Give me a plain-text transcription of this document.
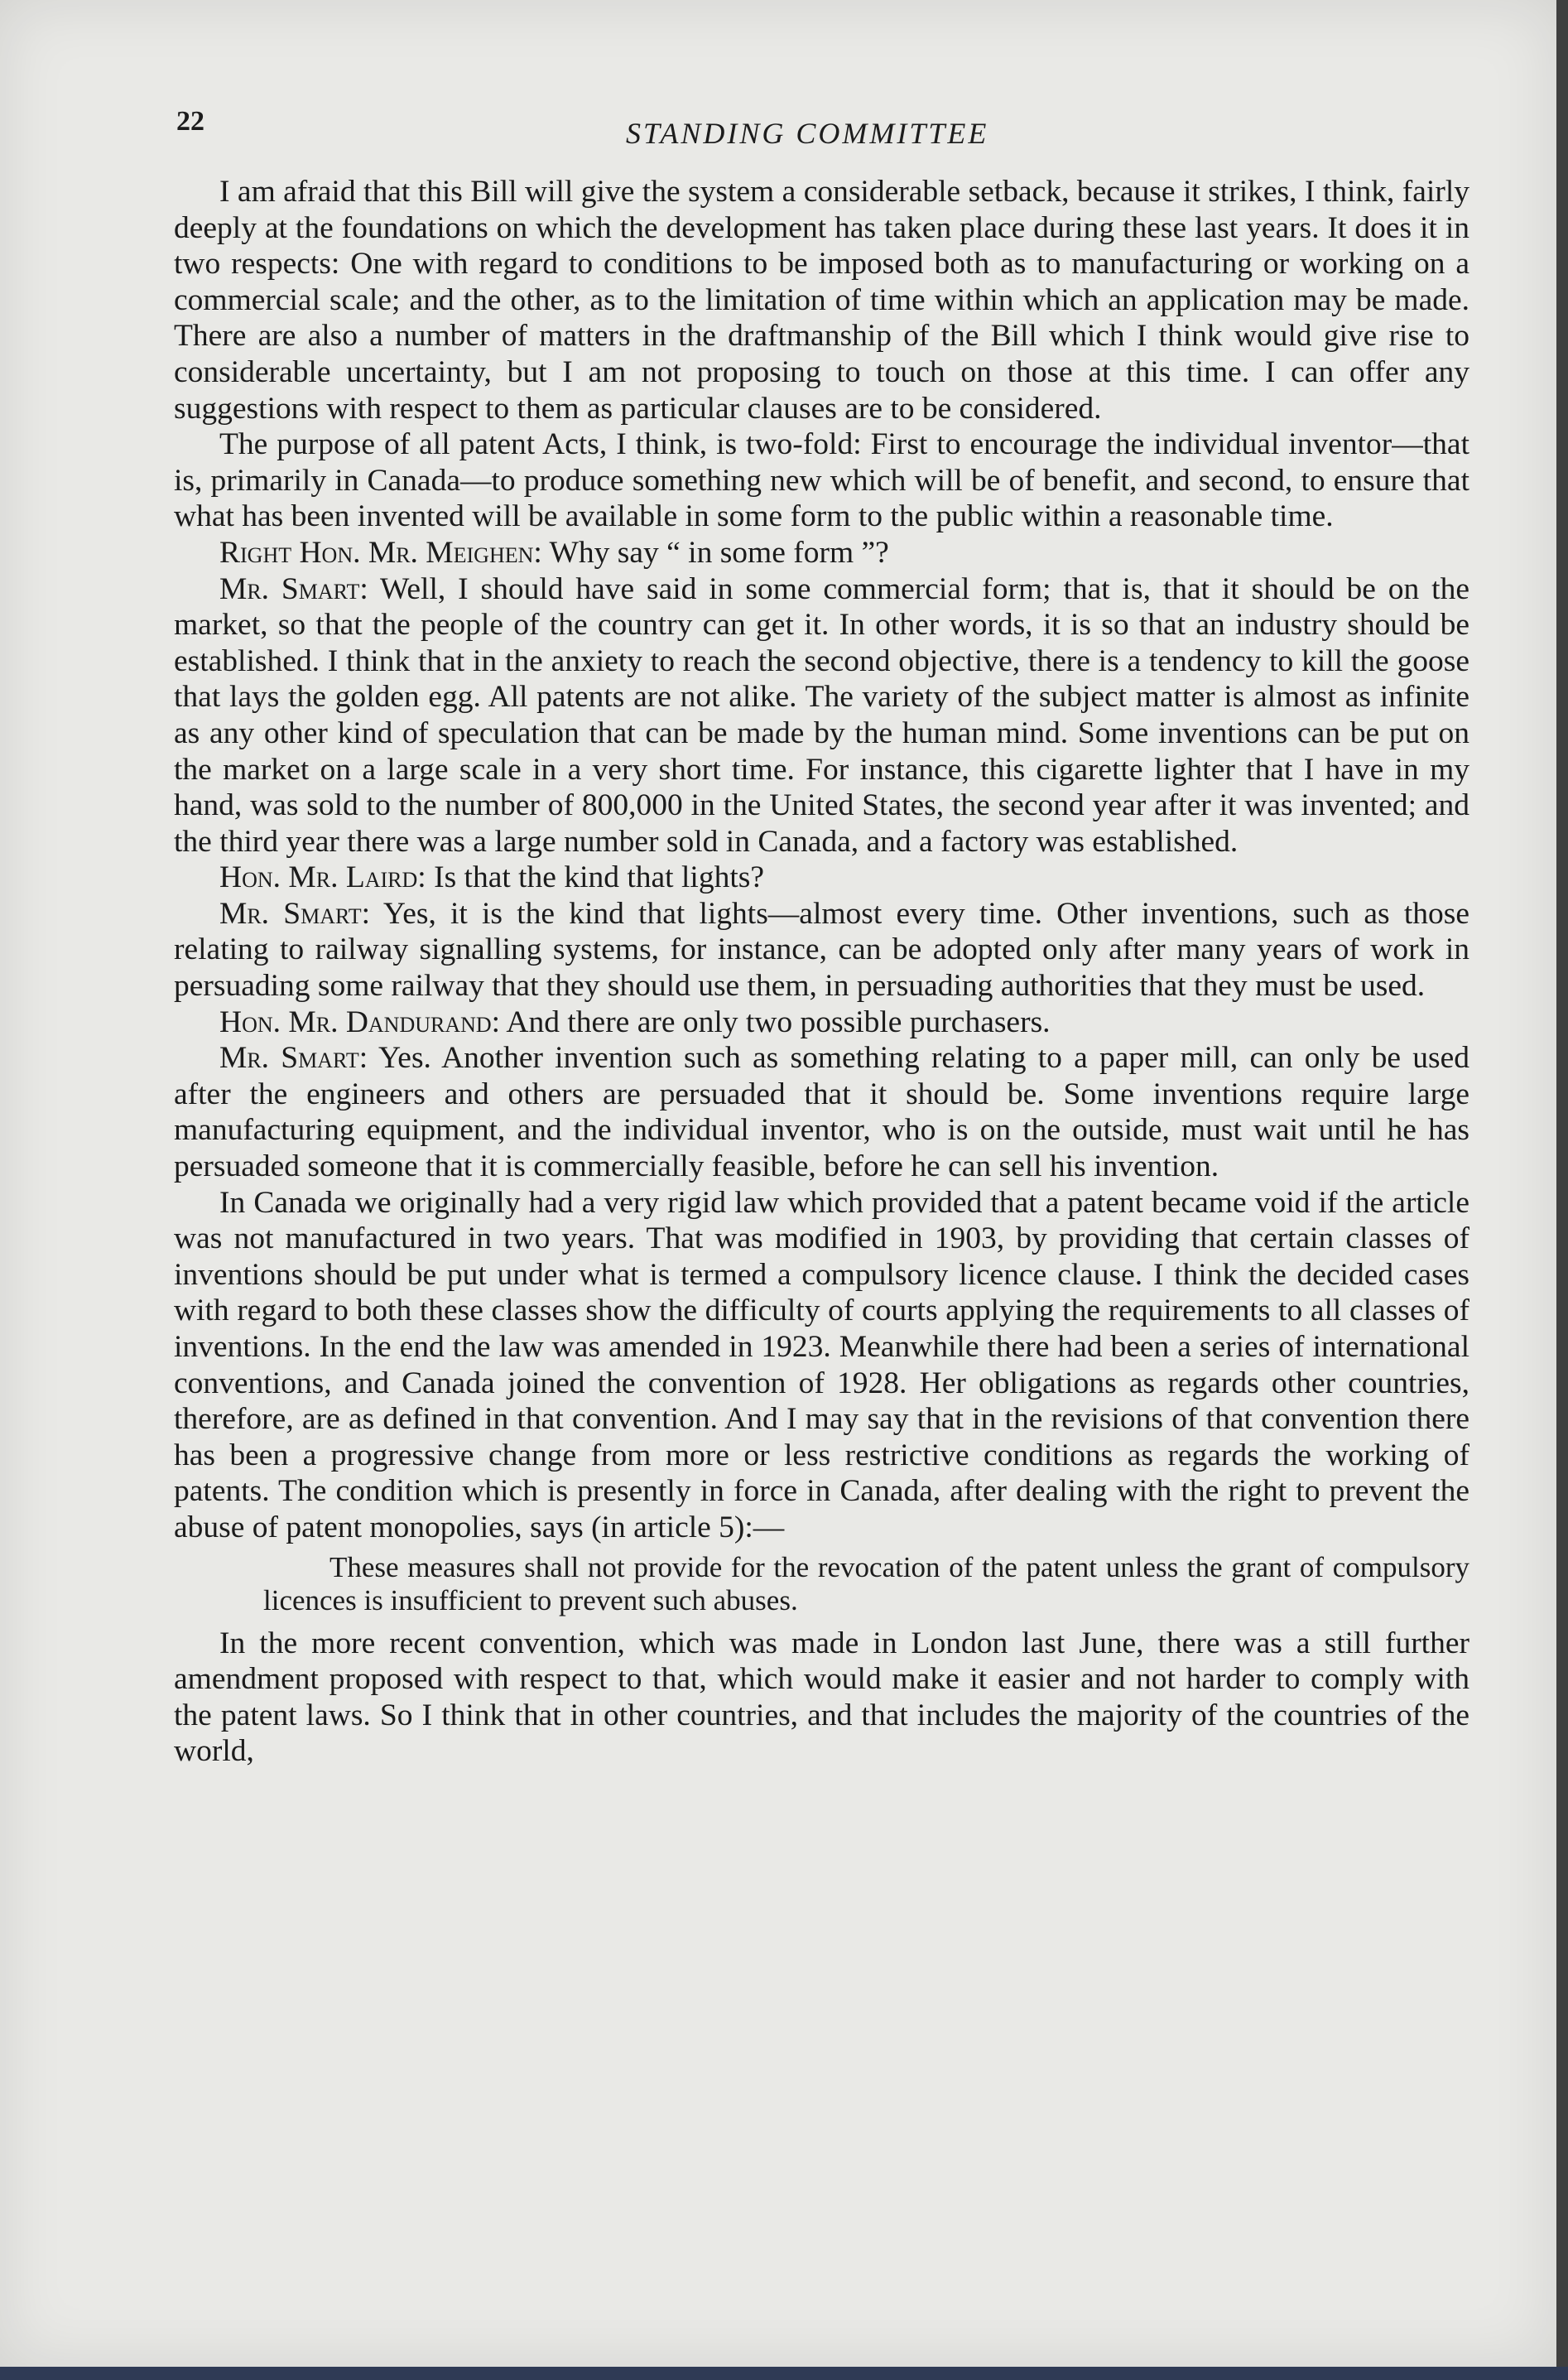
22	STANDING COMMITTEE

I am afraid that this Bill will give the system a considerable setback, because it strikes, I think, fairly deeply at the foundations on which the development has taken place during these last years. It does it in two respects: One with regard to conditions to be imposed both as to manufacturing or working on a commercial scale; and the other, as to the limitation of time within which an application may be made. There are also a number of matters in the draftmanship of the Bill which I think would give rise to considerable uncertainty, but I am not proposing to touch on those at this time. I can offer any suggestions with respect to them as particular clauses are to be considered.

The purpose of all patent Acts, I think, is two-fold: First to encourage the individual inventor—that is, primarily in Canada—to produce something new which will be of benefit, and second, to ensure that what has been invented will be available in some form to the public within a reasonable time.

Right Hon. Mr. Meighen: Why say “ in some form ”?

Mr. Smart: Well, I should have said in some commercial form; that is, that it should be on the market, so that the people of the country can get it. In other words, it is so that an industry should be established. I think that in the anxiety to reach the second objective, there is a tendency to kill the goose that lays the golden egg. All patents are not alike. The variety of the subject matter is almost as infinite as any other kind of speculation that can be made by the human mind. Some inventions can be put on the market on a large scale in a very short time. For instance, this cigarette lighter that I have in my hand, was sold to the number of 800,000 in the United States, the second year after it was invented; and the third year there was a large number sold in Canada, and a factory was established.

Hon. Mr. Laird: Is that the kind that lights?

Mr. Smart: Yes, it is the kind that lights—almost every time. Other inventions, such as those relating to railway signalling systems, for instance, can be adopted only after many years of work in persuading some railway that they should use them, in persuading authorities that they must be used.

Hon. Mr. Dandurand: And there are only two possible purchasers.

Mr. Smart: Yes. Another invention such as something relating to a paper mill, can only be used after the engineers and others are persuaded that it should be. Some inventions require large manufacturing equipment, and the individual inventor, who is on the outside, must wait until he has persuaded someone that it is commercially feasible, before he can sell his invention.

In Canada we originally had a very rigid law which provided that a patent became void if the article was not manufactured in two years. That was modified in 1903, by providing that certain classes of inventions should be put under what is termed a compulsory licence clause. I think the decided cases with regard to both these classes show the difficulty of courts applying the requirements to all classes of inventions. In the end the law was amended in 1923. Meanwhile there had been a series of international conventions, and Canada joined the convention of 1928. Her obligations as regards other countries, therefore, are as defined in that convention. And I may say that in the revisions of that convention there has been a progressive change from more or less restrictive conditions as regards the working of patents. The condition which is presently in force in Canada, after dealing with the right to prevent the abuse of patent monopolies, says (in article 5):—

These measures shall not provide for the revocation of the patent unless the grant of compulsory licences is insufficient to prevent such abuses.

In the more recent convention, which was made in London last June, there was a still further amendment proposed with respect to that, which would make it easier and not harder to comply with the patent laws. So I think that in other countries, and that includes the majority of the countries of the world,
